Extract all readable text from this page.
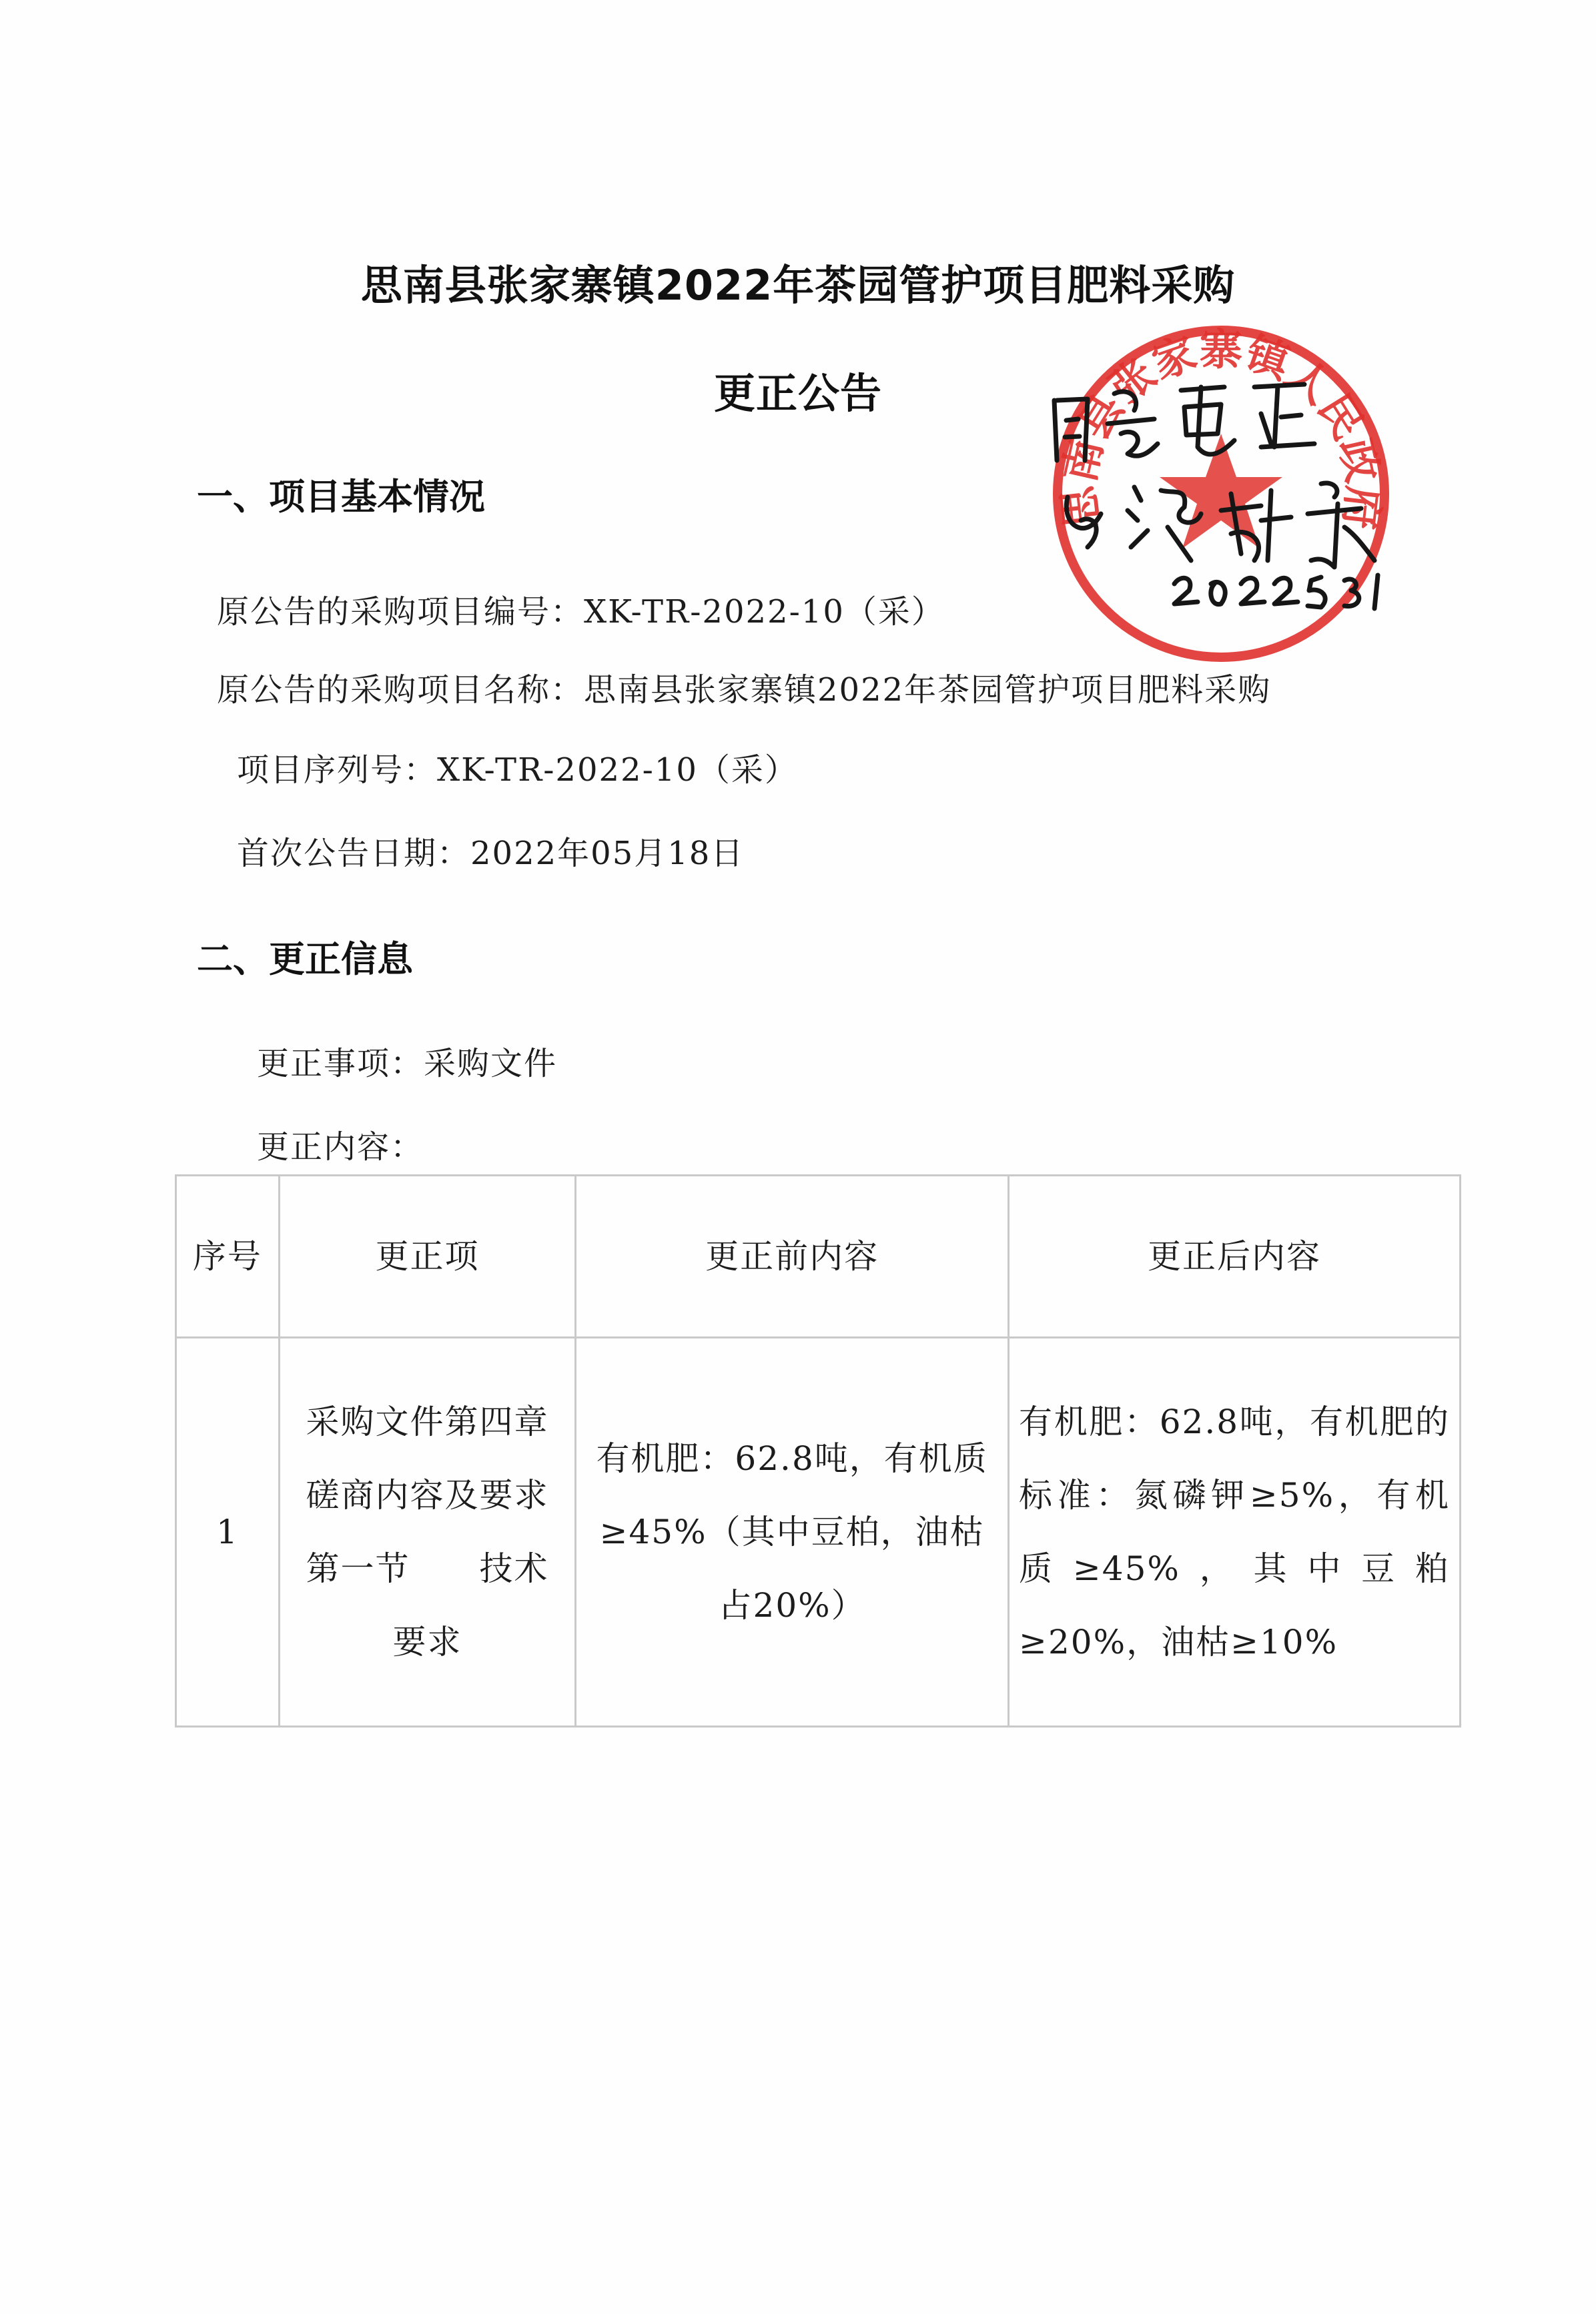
思南县张家寨镇2022年茶园管护项目肥料采购
更正公告
一、项目基本情况
原公告的采购项目编号：XK-TR-2022-10（采）
原公告的采购项目名称：思南县张家寨镇2022年茶园管护项目肥料采购
项目序列号：XK-TR-2022-10（采）
首次公告日期：2022年05月18日
二、更正信息
更正事项：采购文件
更正内容：
序号	更正项	更正前内容	更正后内容
1	采购文件第四章磋商内容及要求第一节　　技术要求	有机肥：62.8吨，有机质≥45%（其中豆柏，油枯占20%）	有机肥：62.8吨，有机肥的标准：氮磷钾≥5%，有机质≥45%，其中豆粕≥20%，油枯≥10%
思南县张家寨镇人民政府
